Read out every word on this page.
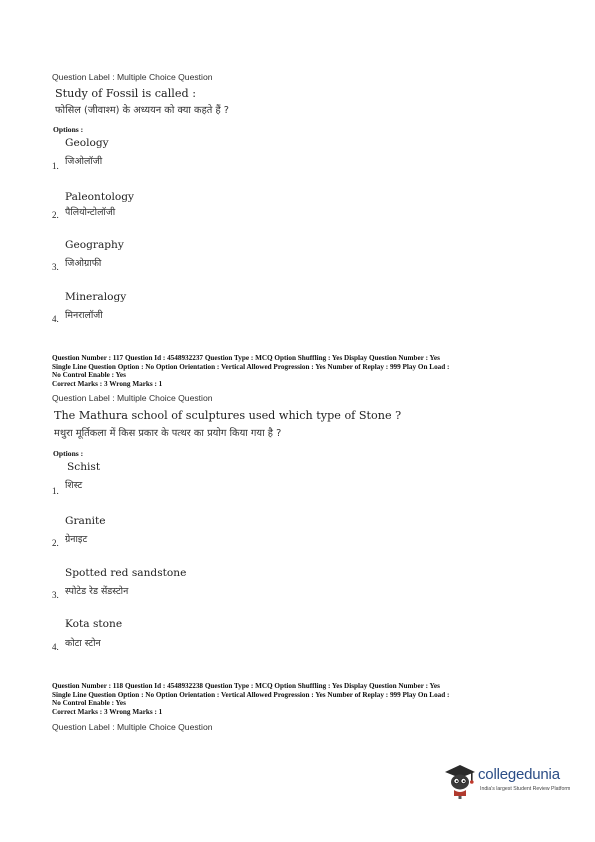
Question Label : Multiple Choice Question
Study of Fossil is called :
फोसिल (जीवाश्म) के अध्ययन को क्या कहते हैं ?
Options :
Geology
1. जिओलॉजी
Paleontology
2. पैलियोन्टोलॉजी
Geography
3. जिओग्राफी
Mineralogy
4. मिनरालॉजी
Question Number : 117 Question Id : 4548932237 Question Type : MCQ Option Shuffling : Yes Display Question Number : Yes
Single Line Question Option : No Option Orientation : Vertical Allowed Progression : Yes Number of Replay : 999 Play On Load :
No Control Enable : Yes
Correct Marks : 3 Wrong Marks : 1
Question Label : Multiple Choice Question
The Mathura school of sculptures used which type of Stone ?
मथुरा मूर्तिकला में किस प्रकार के पत्थर का प्रयोग किया गया है ?
Options :
Schist
1. शिस्ट
Granite
2. ग्रेनाइट
Spotted red sandstone
3. स्पोटेड रेड सेंडस्टोन
Kota stone
4. कोटा स्टोन
Question Number : 118 Question Id : 4548932238 Question Type : MCQ Option Shuffling : Yes Display Question Number : Yes
Single Line Question Option : No Option Orientation : Vertical Allowed Progression : Yes Number of Replay : 999 Play On Load :
No Control Enable : Yes
Correct Marks : 3 Wrong Marks : 1
Question Label : Multiple Choice Question
collegedunia
India's largest Student Review Platform
